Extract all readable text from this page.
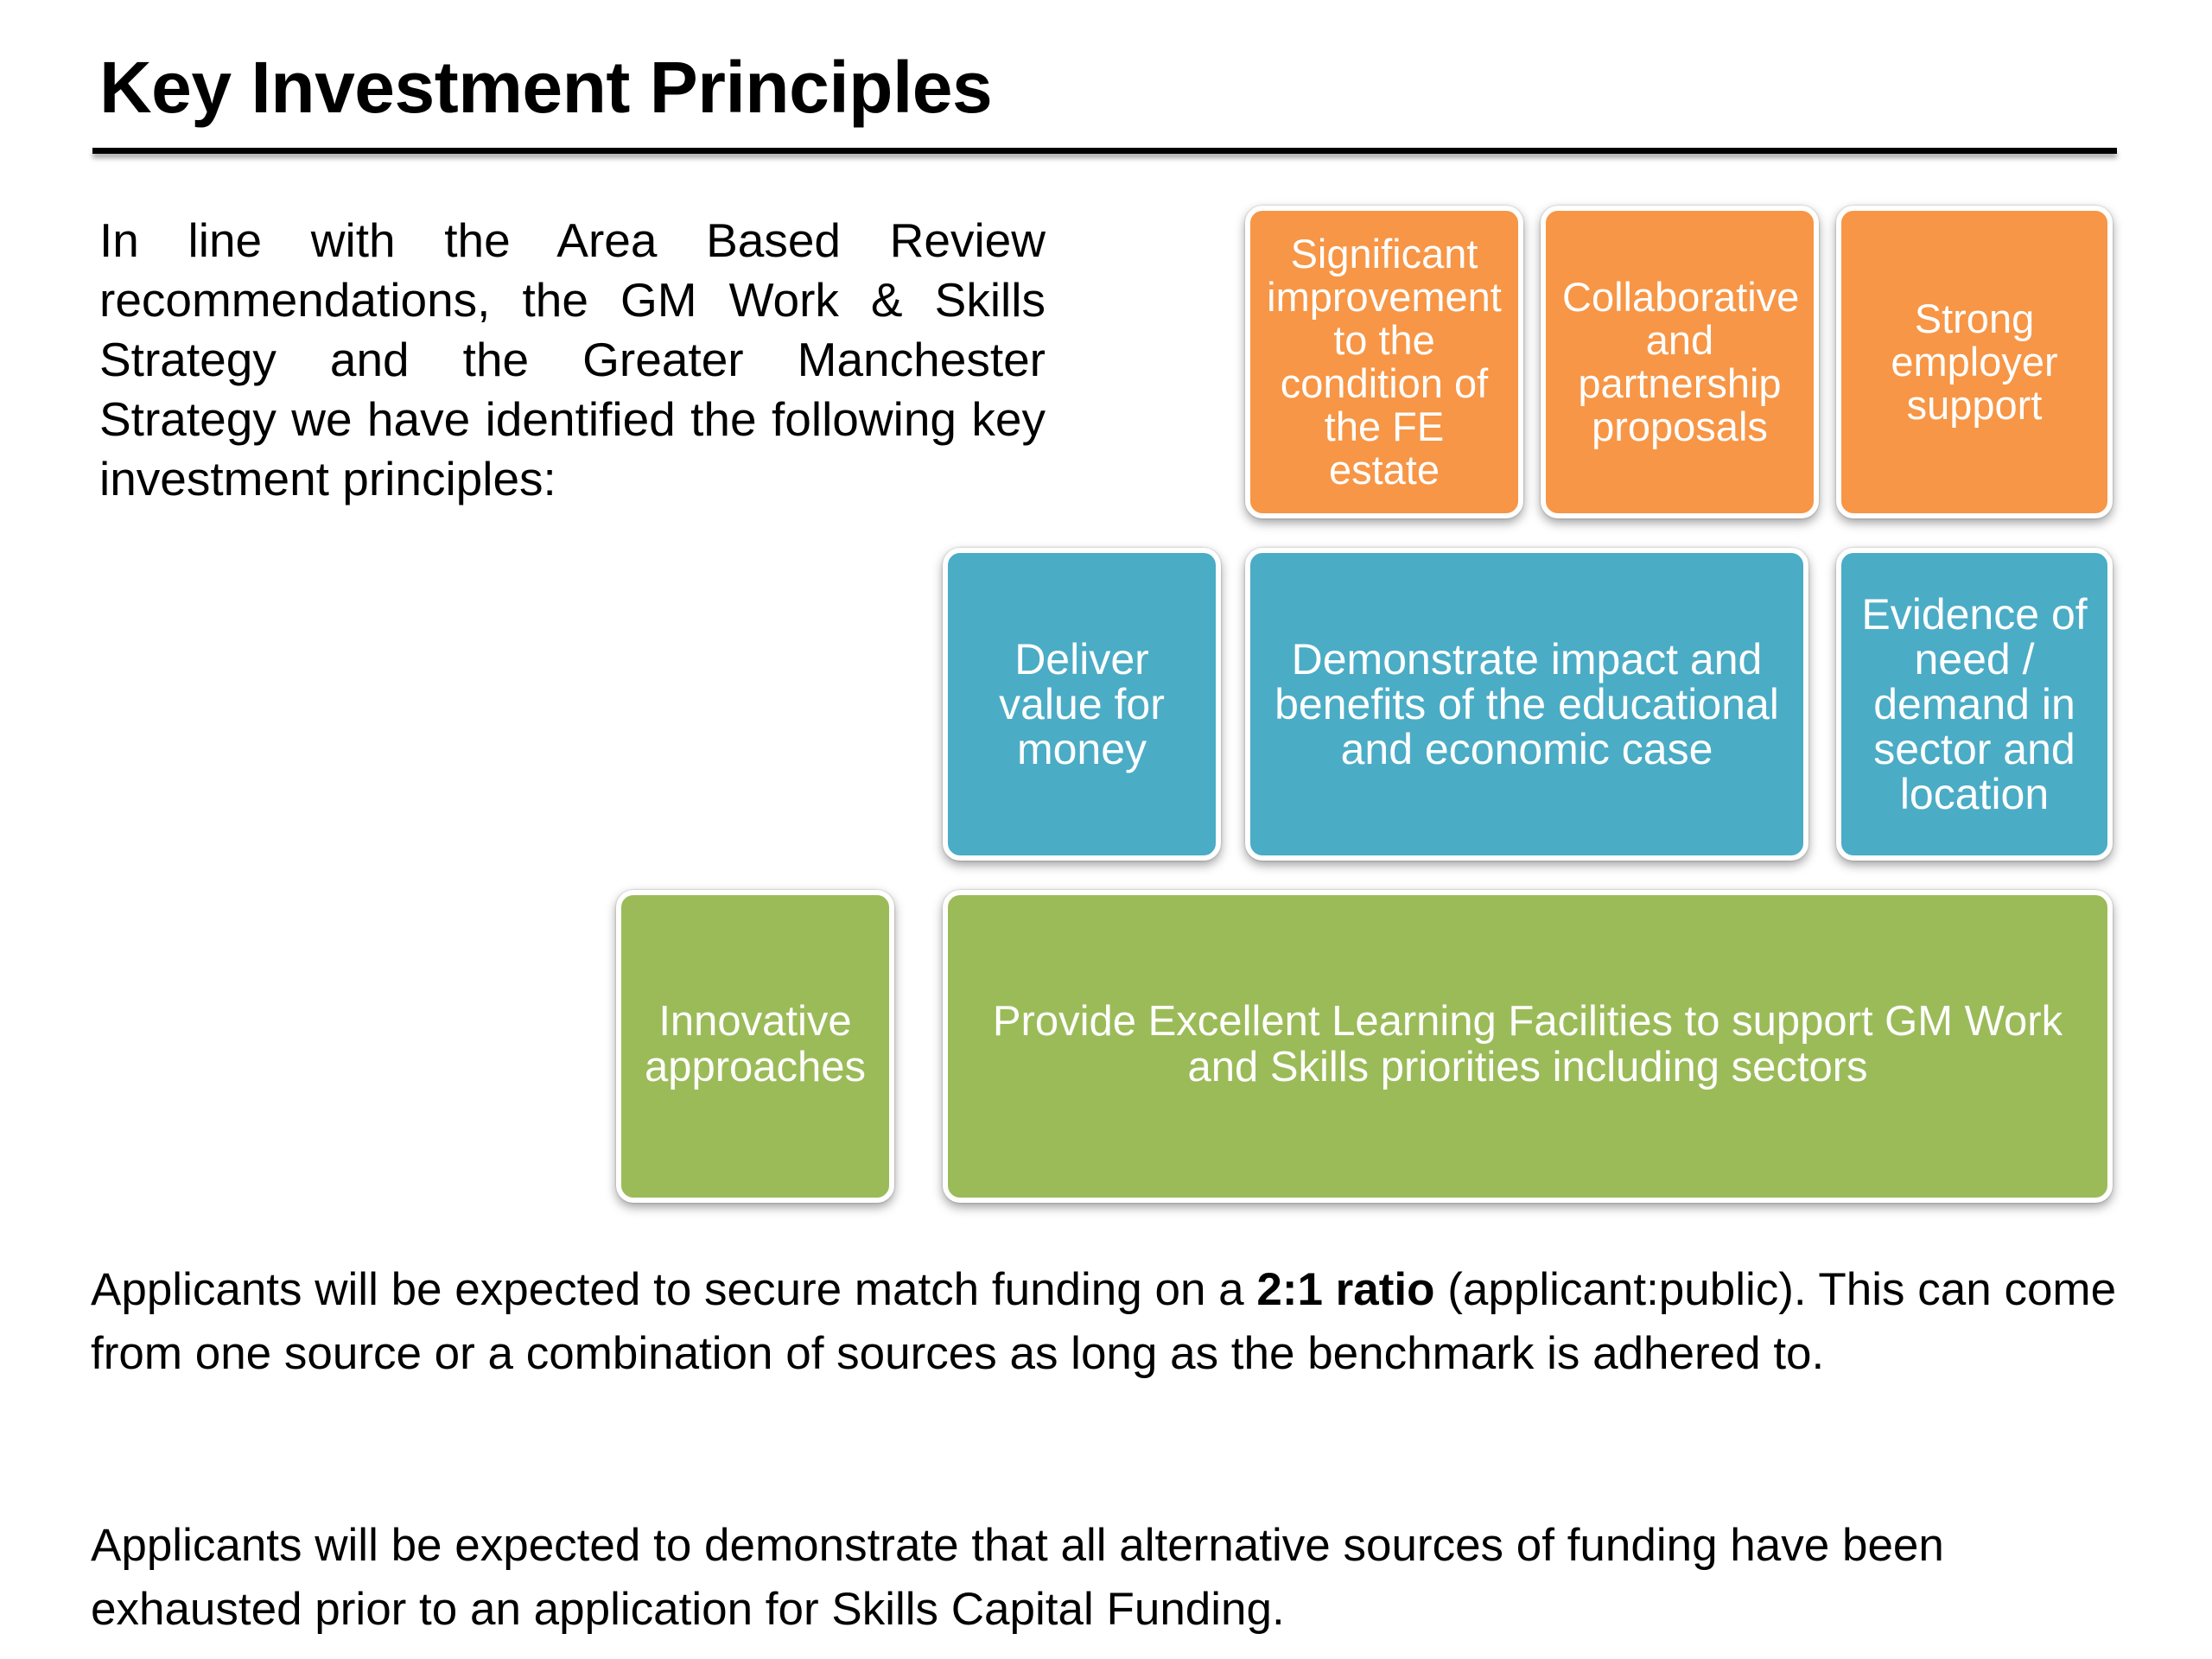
Key Investment Principles

In line with the Area Based Review recommendations, the GM Work & Skills Strategy and the Greater Manchester Strategy we have identified the following key investment principles:

Significant improvement to the condition of the FE estate
Collaborative and partnership proposals
Strong employer support
Deliver value for money
Demonstrate impact and benefits of the educational and economic case
Evidence of need / demand in sector and location
Innovative approaches
Provide Excellent Learning Facilities to support GM Work and Skills priorities including sectors

Applicants will be expected to secure match funding on a 2:1 ratio (applicant:public). This can come from one source or a combination of sources as long as the benchmark is adhered to.

Applicants will be expected to demonstrate that all alternative sources of funding have been exhausted prior to an application for Skills Capital Funding.
